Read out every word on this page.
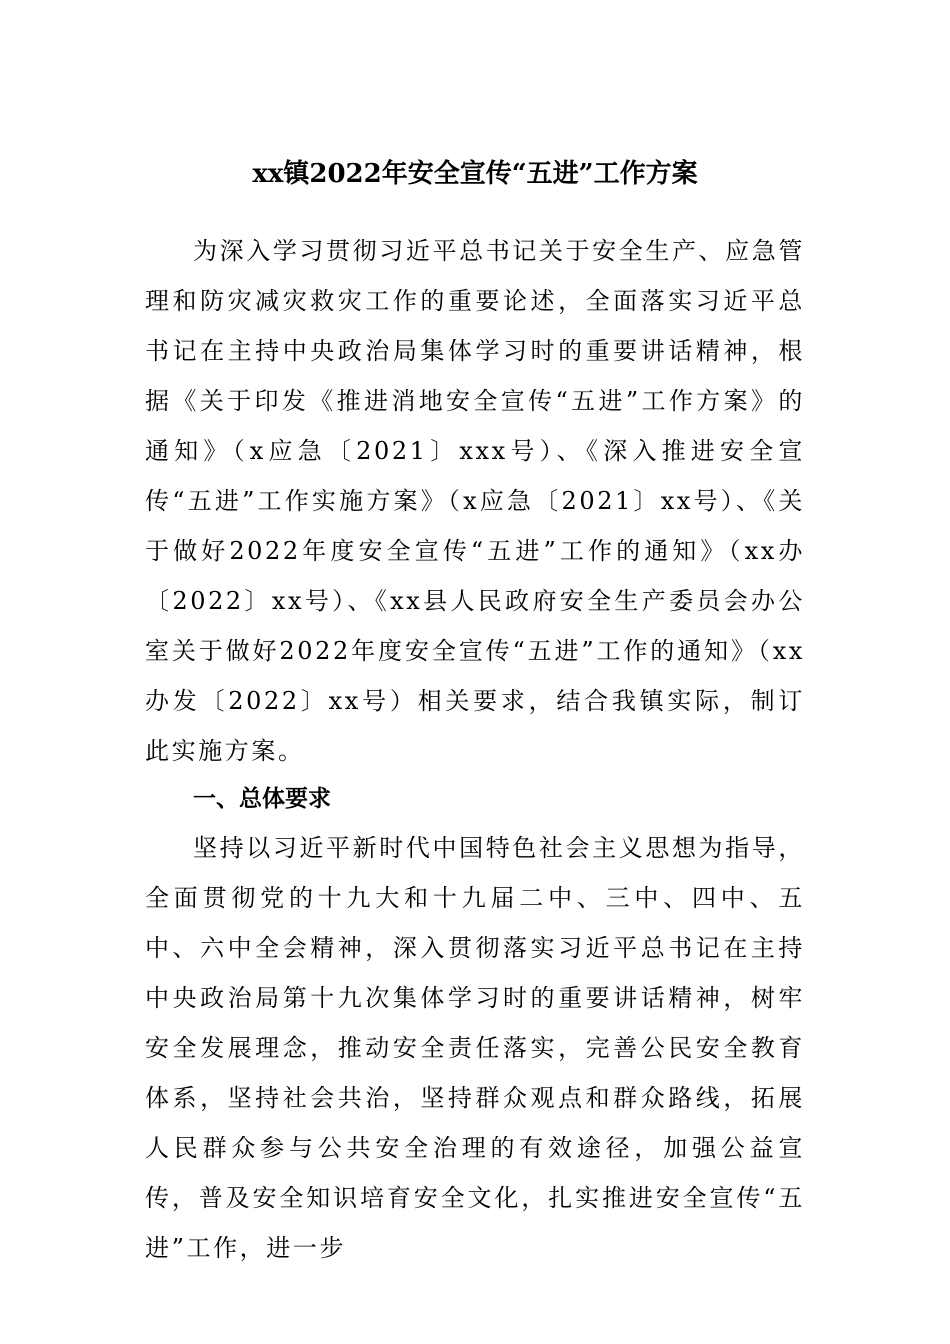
xx镇2022年安全宣传“五进”工作方案

为深入学习贯彻习近平总书记关于安全生产、应急管理和防灾减灾救灾工作的重要论述，全面落实习近平总书记在主持中央政治局集体学习时的重要讲话精神，根据《关于印发《推进消地安全宣传“五进”工作方案》的通知》（x应急〔2021〕xxx号）、《深入推进安全宣传“五进”工作实施方案》（x应急〔2021〕xx号）、《关于做好2022年度安全宣传“五进”工作的通知》（xx办〔2022〕xx号）、《xx县人民政府安全生产委员会办公室关于做好2022年度安全宣传“五进”工作的通知》（xx办发〔2022〕xx号）相关要求，结合我镇实际，制订此实施方案。

一、总体要求

坚持以习近平新时代中国特色社会主义思想为指导，全面贯彻党的十九大和十九届二中、三中、四中、五中、六中全会精神，深入贯彻落实习近平总书记在主持中央政治局第十九次集体学习时的重要讲话精神，树牢安全发展理念，推动安全责任落实，完善公民安全教育体系，坚持社会共治，坚持群众观点和群众路线，拓展人民群众参与公共安全治理的有效途径，加强公益宣传，普及安全知识培育安全文化，扎实推进安全宣传“五进”工作，进一步
